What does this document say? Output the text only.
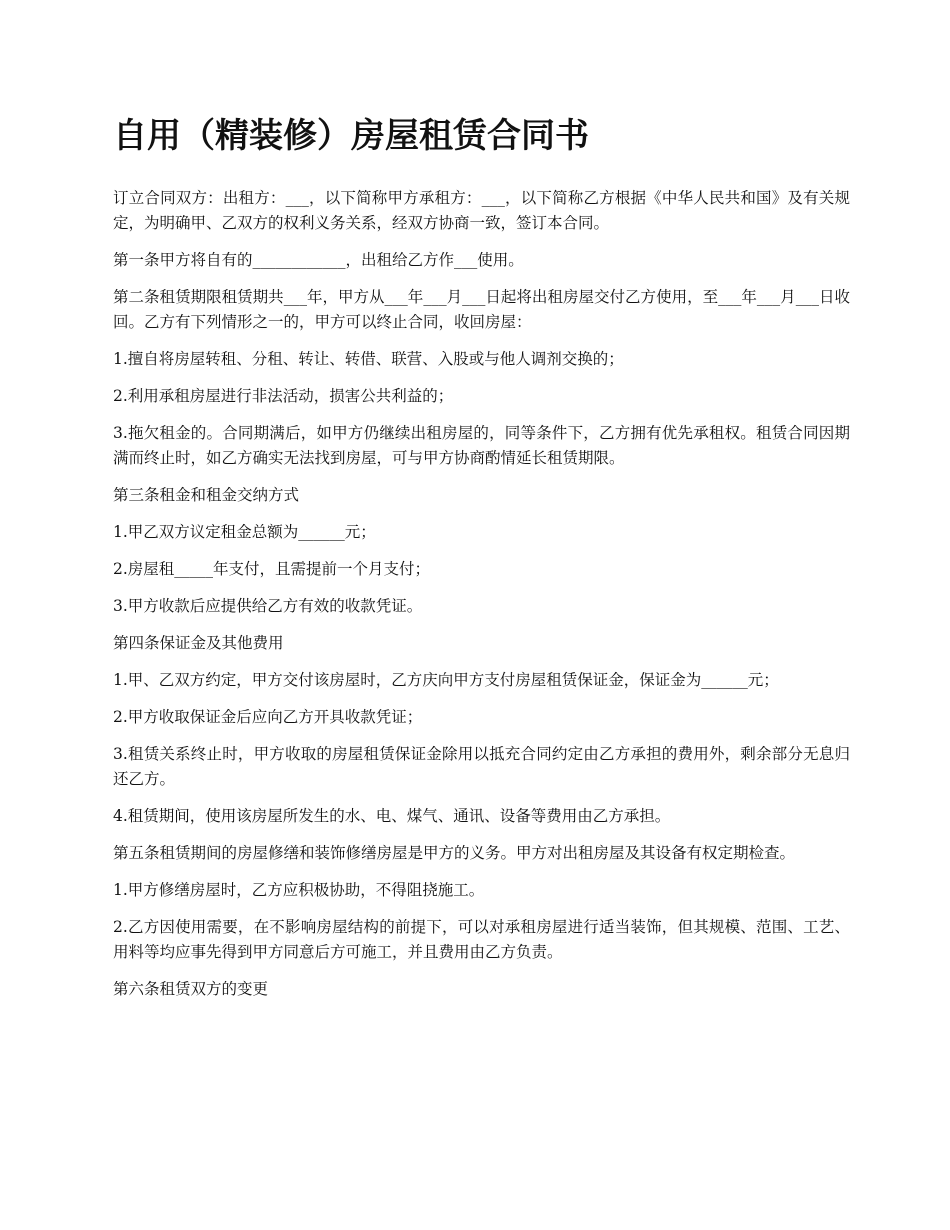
自用（精装修）房屋租赁合同书

订立合同双方：出租方：___，以下简称甲方承租方：___，以下简称乙方根据《中华人民共和国》及有关规定，为明确甲、乙双方的权利义务关系，经双方协商一致，签订本合同。

第一条甲方将自有的____________，出租给乙方作___使用。

第二条租赁期限租赁期共___年，甲方从___年___月___日起将出租房屋交付乙方使用，至___年___月___日收回。乙方有下列情形之一的，甲方可以终止合同，收回房屋：

1.擅自将房屋转租、分租、转让、转借、联营、入股或与他人调剂交换的；

2.利用承租房屋进行非法活动，损害公共利益的；

3.拖欠租金的。合同期满后，如甲方仍继续出租房屋的，同等条件下，乙方拥有优先承租权。租赁合同因期满而终止时，如乙方确实无法找到房屋，可与甲方协商酌情延长租赁期限。

第三条租金和租金交纳方式

1.甲乙双方议定租金总额为______元；

2.房屋租_____年支付，且需提前一个月支付；

3.甲方收款后应提供给乙方有效的收款凭证。

第四条保证金及其他费用

1.甲、乙双方约定，甲方交付该房屋时，乙方庆向甲方支付房屋租赁保证金，保证金为______元；

2.甲方收取保证金后应向乙方开具收款凭证；

3.租赁关系终止时，甲方收取的房屋租赁保证金除用以抵充合同约定由乙方承担的费用外，剩余部分无息归还乙方。

4.租赁期间，使用该房屋所发生的水、电、煤气、通讯、设备等费用由乙方承担。

第五条租赁期间的房屋修缮和装饰修缮房屋是甲方的义务。甲方对出租房屋及其设备有权定期检查。

1.甲方修缮房屋时，乙方应积极协助，不得阻挠施工。

2.乙方因使用需要，在不影响房屋结构的前提下，可以对承租房屋进行适当装饰，但其规模、范围、工艺、用料等均应事先得到甲方同意后方可施工，并且费用由乙方负责。

第六条租赁双方的变更
